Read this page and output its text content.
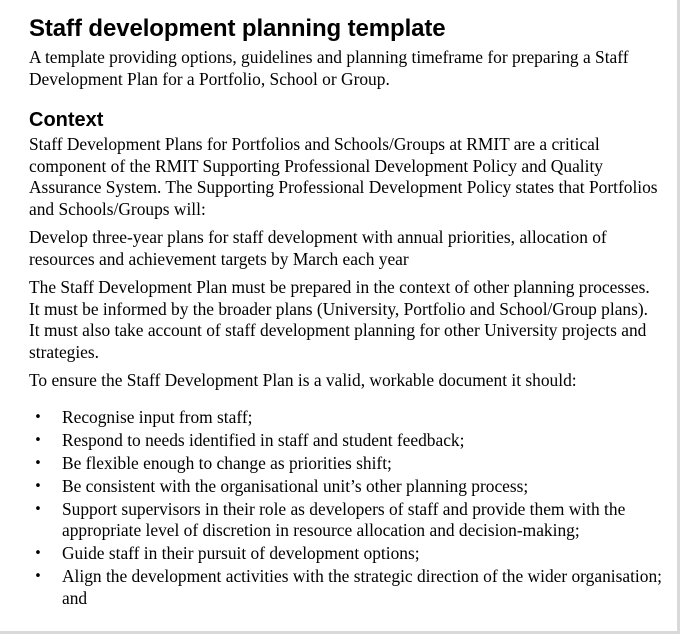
Staff development planning template

A template providing options, guidelines and planning timeframe for preparing a Staff Development Plan for a Portfolio, School or Group.

Context

Staff Development Plans for Portfolios and Schools/Groups at RMIT are a critical component of the RMIT Supporting Professional Development Policy and Quality Assurance System. The Supporting Professional Development Policy states that Portfolios and Schools/Groups will:

Develop three-year plans for staff development with annual priorities, allocation of resources and achievement targets by March each year

The Staff Development Plan must be prepared in the context of other planning processes. It must be informed by the broader plans (University, Portfolio and School/Group plans). It must also take account of staff development planning for other University projects and strategies.

To ensure the Staff Development Plan is a valid, workable document it should:

• Recognise input from staff;
• Respond to needs identified in staff and student feedback;
• Be flexible enough to change as priorities shift;
• Be consistent with the organisational unit’s other planning process;
• Support supervisors in their role as developers of staff and provide them with the appropriate level of discretion in resource allocation and decision-making;
• Guide staff in their pursuit of development options;
• Align the development activities with the strategic direction of the wider organisation; and
